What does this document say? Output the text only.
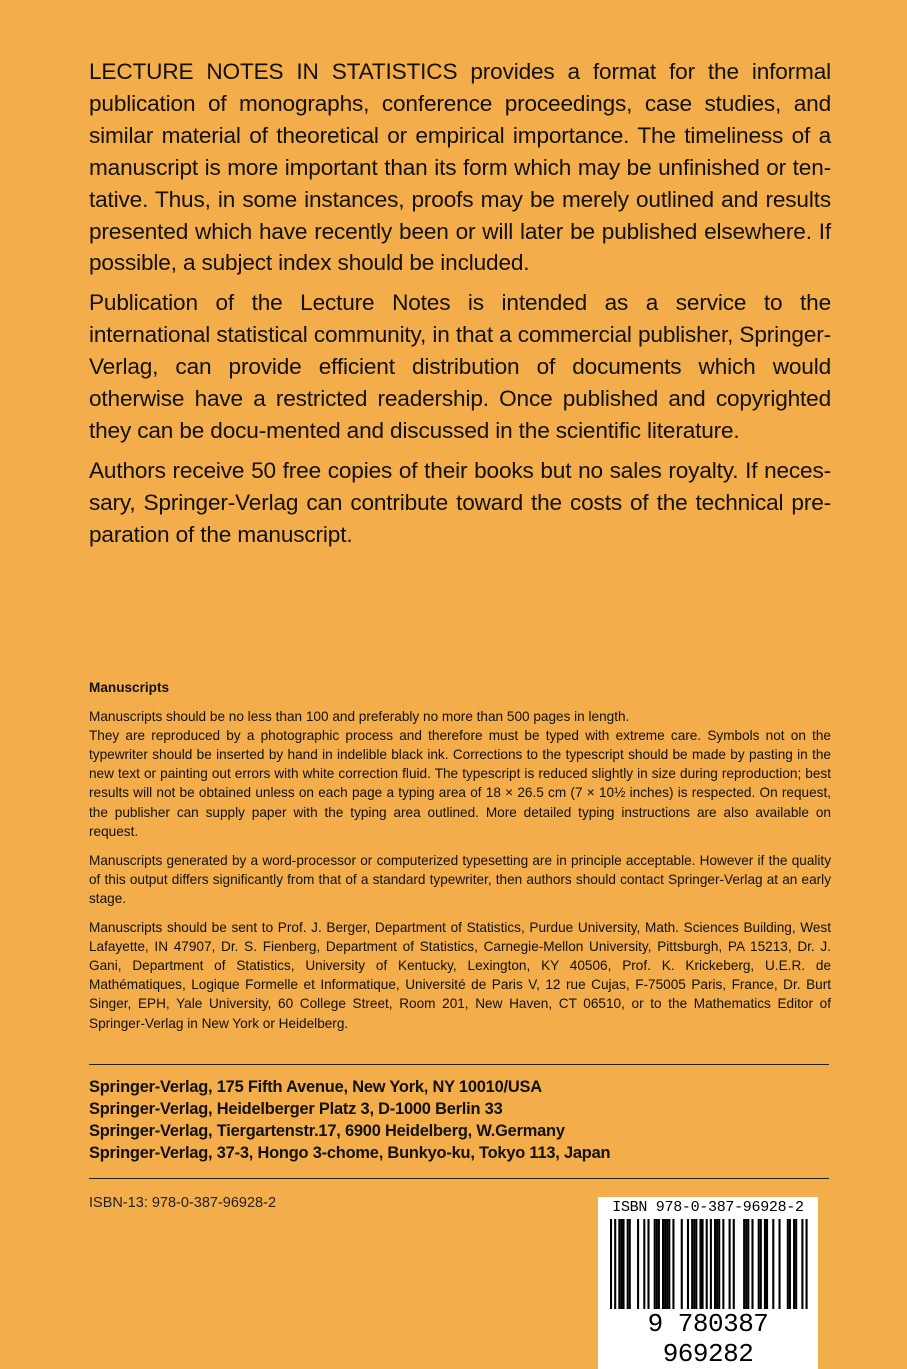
LECTURE NOTES IN STATISTICS provides a format for the informal publication of monographs, conference proceedings, case studies, and similar material of theoretical or empirical importance. The timeliness of a manuscript is more important than its form which may be unfinished or ten-tative. Thus, in some instances, proofs may be merely outlined and results presented which have recently been or will later be published elsewhere. If possible, a subject index should be included.

Publication of the Lecture Notes is intended as a service to the international statistical community, in that a commercial publisher, Springer-Verlag, can provide efficient distribution of documents which would otherwise have a restricted readership. Once published and copyrighted they can be docu-mented and discussed in the scientific literature.

Authors receive 50 free copies of their books but no sales royalty. If neces-sary, Springer-Verlag can contribute toward the costs of the technical pre-paration of the manuscript.

Manuscripts

Manuscripts should be no less than 100 and preferably no more than 500 pages in length.

They are reproduced by a photographic process and therefore must be typed with extreme care. Symbols not on the typewriter should be inserted by hand in indelible black ink. Corrections to the typescript should be made by pasting in the new text or painting out errors with white correction fluid. The typescript is reduced slightly in size during reproduction; best results will not be obtained unless on each page a typing area of 18 × 26.5 cm (7 × 10½ inches) is respected. On request, the publisher can supply paper with the typing area outlined. More detailed typing instructions are also available on request.

Manuscripts generated by a word-processor or computerized typesetting are in principle acceptable. However if the quality of this output differs significantly from that of a standard typewriter, then authors should contact Springer-Verlag at an early stage.

Manuscripts should be sent to Prof. J. Berger, Department of Statistics, Purdue University, Math. Sciences Building, West Lafayette, IN 47907, Dr. S. Fienberg, Department of Statistics, Carnegie-Mellon University, Pittsburgh, PA 15213, Dr. J. Gani, Department of Statistics, University of Kentucky, Lexington, KY 40506, Prof. K. Krickeberg, U.E.R. de Mathématiques, Logique Formelle et Informatique, Université de Paris V, 12 rue Cujas, F-75005 Paris, France, Dr. Burt Singer, EPH, Yale University, 60 College Street, Room 201, New Haven, CT 06510, or to the Mathematics Editor of Springer-Verlag in New York or Heidelberg.

Springer-Verlag, 175 Fifth Avenue, New York, NY 10010/USA
Springer-Verlag, Heidelberger Platz 3, D-1000 Berlin 33
Springer-Verlag, Tiergartenstr.17, 6900 Heidelberg, W.Germany
Springer-Verlag, 37-3, Hongo 3-chome, Bunkyo-ku, Tokyo 113, Japan
ISBN-13: 978-0-387-96928-2	ISBN 978-0-387-96928-2
9 780387 969282
